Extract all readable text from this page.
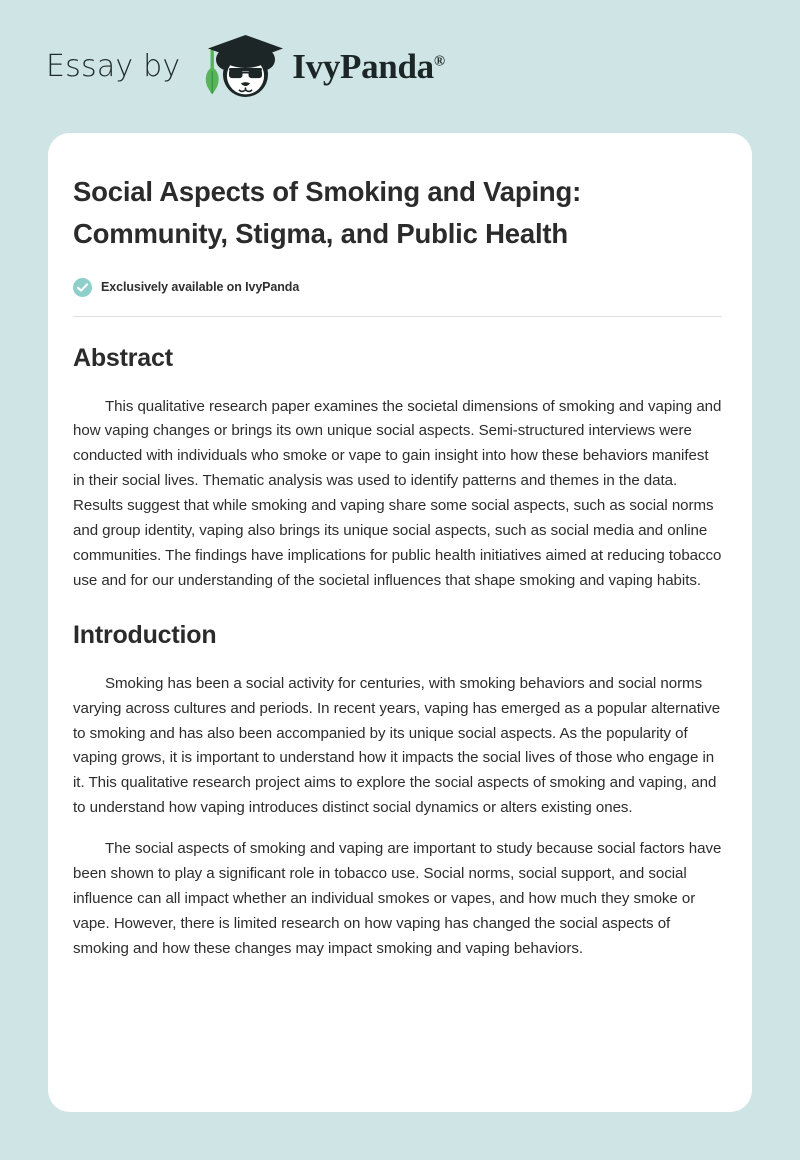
Essay by	IvyPanda®
Social Aspects of Smoking and Vaping: Community, Stigma, and Public Health
Exclusively available on IvyPanda
Abstract

This qualitative research paper examines the societal dimensions of smoking and vaping and how vaping changes or brings its own unique social aspects. Semi-structured interviews were conducted with individuals who smoke or vape to gain insight into how these behaviors manifest in their social lives. Thematic analysis was used to identify patterns and themes in the data. Results suggest that while smoking and vaping share some social aspects, such as social norms and group identity, vaping also brings its unique social aspects, such as social media and online communities. The findings have implications for public health initiatives aimed at reducing tobacco use and for our understanding of the societal influences that shape smoking and vaping habits.

Introduction

Smoking has been a social activity for centuries, with smoking behaviors and social norms varying across cultures and periods. In recent years, vaping has emerged as a popular alternative to smoking and has also been accompanied by its unique social aspects. As the popularity of vaping grows, it is important to understand how it impacts the social lives of those who engage in it. This qualitative research project aims to explore the social aspects of smoking and vaping, and to understand how vaping introduces distinct social dynamics or alters existing ones.

The social aspects of smoking and vaping are important to study because social factors have been shown to play a significant role in tobacco use. Social norms, social support, and social influence can all impact whether an individual smokes or vapes, and how much they smoke or vape. However, there is limited research on how vaping has changed the social aspects of smoking and how these changes may impact smoking and vaping behaviors.
